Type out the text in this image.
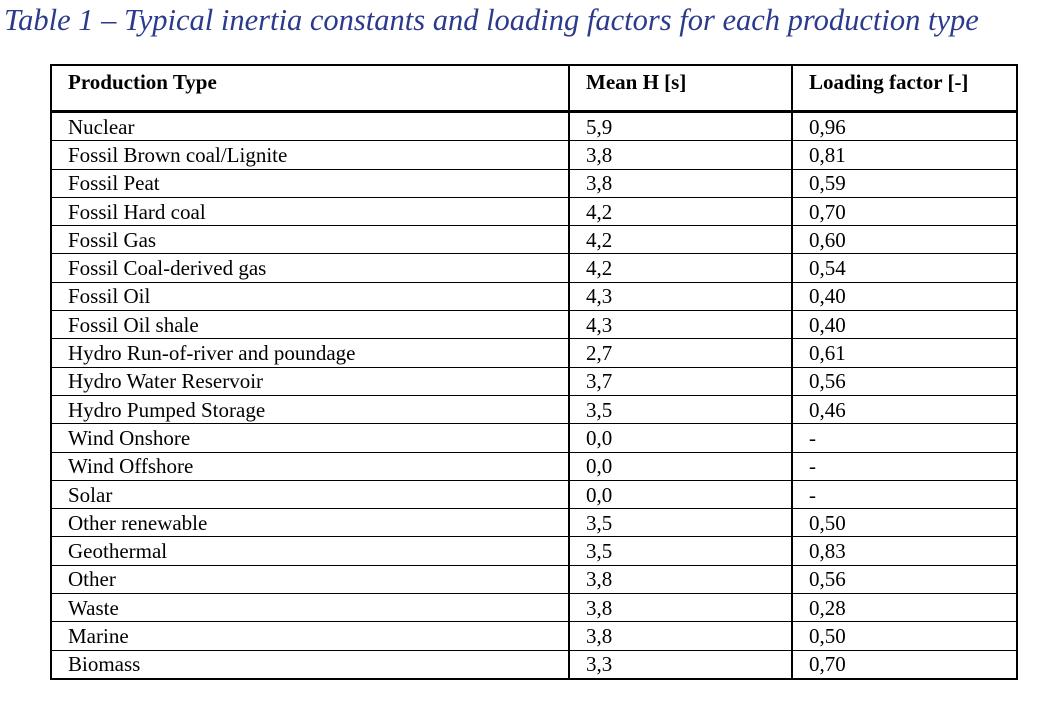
Table 1 – Typical inertia constants and loading factors for each production type

Production Type	Mean H [s]	Loading factor [-]
Nuclear	5,9	0,96
Fossil Brown coal/Lignite	3,8	0,81
Fossil Peat	3,8	0,59
Fossil Hard coal	4,2	0,70
Fossil Gas	4,2	0,60
Fossil Coal-derived gas	4,2	0,54
Fossil Oil	4,3	0,40
Fossil Oil shale	4,3	0,40
Hydro Run-of-river and poundage	2,7	0,61
Hydro Water Reservoir	3,7	0,56
Hydro Pumped Storage	3,5	0,46
Wind Onshore	0,0	-
Wind Offshore	0,0	-
Solar	0,0	-
Other renewable	3,5	0,50
Geothermal	3,5	0,83
Other	3,8	0,56
Waste	3,8	0,28
Marine	3,8	0,50
Biomass	3,3	0,70
